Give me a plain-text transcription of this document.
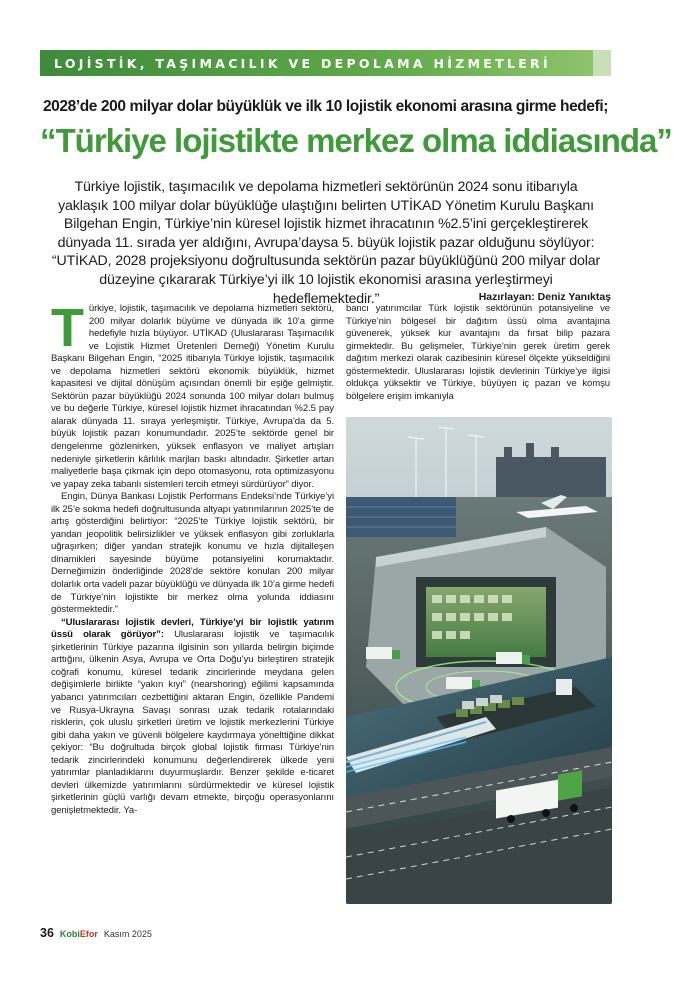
LOJİSTİK, TAŞIMACILIK VE DEPOLAMA HİZMETLERİ
2028’de 200 milyar dolar büyüklük ve ilk 10 lojistik ekonomi arasına girme hedefi;
“Türkiye lojistikte merkez olma iddiasında”
Türkiye lojistik, taşımacılık ve depolama hizmetleri sektörünün 2024 sonu itibarıyla yaklaşık 100 milyar dolar büyüklüğe ulaştığını belirten UTİKAD Yönetim Kurulu Başkanı Bilgehan Engin, Türkiye’nin küresel lojistik hizmet ihracatının %2.5’ini gerçekleştirerek dünyada 11. sırada yer aldığını, Avrupa’daysa 5. büyük lojistik pazar olduğunu söylüyor: “UTİKAD, 2028 projeksiyonu doğrultusunda sektörün pazar büyüklüğünü 200 milyar dolar düzeyine çıkararak Türkiye’yi ilk 10 lojistik ekonomisi arasına yerleştirmeyi hedeflemektedir.”	Hazırlayan: Deniz Yanıktaş

Türkiye, lojistik, taşımacılık ve depolama hizmetleri sektörü, 200 milyar dolarlık büyüme ve dünyada ilk 10’a girme hedefiyle hızla büyüyor. UTİKAD (Uluslararası Taşımacılık ve Lojistik Hizmet Üretenleri Derneği) Yönetim Kurulu Başkanı Bilgehan Engin, “2025 itibarıyla Türkiye lojistik, taşımacılık ve depolama hizmetleri sektörü ekonomik büyüklük, hizmet kapasitesi ve dijital dönüşüm açısından önemli bir eşiğe gelmiştir. Sektörün pazar büyüklüğü 2024 sonunda 100 milyar doları bulmuş ve bu değerle Türkiye, küresel lojistik hizmet ihracatından %2.5 pay alarak dünyada 11. sıraya yerleşmiştir. Türkiye, Avrupa’da da 5. büyük lojistik pazarı konumundadır. 2025’te sektörde genel bir dengelenme gözlenirken, yüksek enflasyon ve maliyet artışları nedeniyle şirketlerin kârlılık marjları baskı altındadır. Şirketler artan maliyetlerle başa çıkmak için depo otomasyonu, rota optimizasyonu ve yapay zeka tabanlı sistemleri tercih etmeyi sürdürüyor” diyor.

Engin, Dünya Bankası Lojistik Performans Endeksi’nde Türkiye’yi ilk 25’e sokma hedefi doğrultusunda altyapı yatırımlarının 2025’te de artış gösterdiğini belirtiyor: “2025’te Türkiye lojistik sektörü, bir yandan jeopolitik belirsizlikler ve yüksek enflasyon gibi zorluklarla uğraşırken; diğer yandan stratejik konumu ve hızla dijitalleşen dinamikleri sayesinde büyüme potansiyelini korumaktadır. Derneğimizin önderliğinde 2028’de sektöre konulan 200 milyar dolarlık orta vadeli pazar büyüklüğü ve dünyada ilk 10’a girme hedefi de Türkiye’nin lojistikte bir merkez olma yolunda iddiasını göstermektedir.”

“Uluslararası lojistik devleri, Türkiye’yi bir lojistik yatırım üssü olarak görüyor”: Uluslararası lojistik ve taşımacılık şirketlerinin Türkiye pazarına ilgisinin son yıllarda belirgin biçimde arttığını, ülkenin Asya, Avrupa ve Orta Doğu’yu birleştiren stratejik coğrafi konumu, küresel tedarik zincirlerinde meydana gelen değişimlerle birlikte “yakın kıyı” (nearshoring) eğilimi kapsamında yabancı yatırımcıları cezbettiğini aktaran Engin, özellikle Pandemi ve Rusya-Ukrayna Savaşı sonrası uzak tedarik rotalarındaki risklerin, çok uluslu şirketleri üretim ve lojistik merkezlerini Türkiye gibi daha yakın ve güvenli bölgelere kaydırmaya yönelttiğine dikkat çekiyor: “Bu doğrultuda birçok global lojistik firması Türkiye’nin tedarik zincirlerindeki konumunu değerlendirerek ülkede yeni yatırımlar planladıklarını duyurmuşlardır. Benzer şekilde e-ticaret devleri ülkemizde yatırımlarını sürdürmektedir ve küresel lojistik şirketlerinin güçlü varlığı devam etmekte, birçoğu operasyonlarını genişletmektedir. Ya-

bancı yatırımcılar Türk lojistik sektörünün potansiyeline ve Türkiye’nin bölgesel bir dağıtım üssü olma avantajına güvenerek, yüksek kur avantajını da fırsat bilip pazara girmektedir. Bu gelişmeler, Türkiye’nin gerek üretim gerek dağıtım merkezi olarak cazibesinin küresel ölçekte yükseldiğini göstermektedir. Uluslararası lojistik devlerinin Türkiye’ye ilgisi oldukça yüksektir ve Türkiye, büyüyen iç pazarı ve komşu bölgelere erişim imkanıyla

36 KobiEfor Kasım 2025
